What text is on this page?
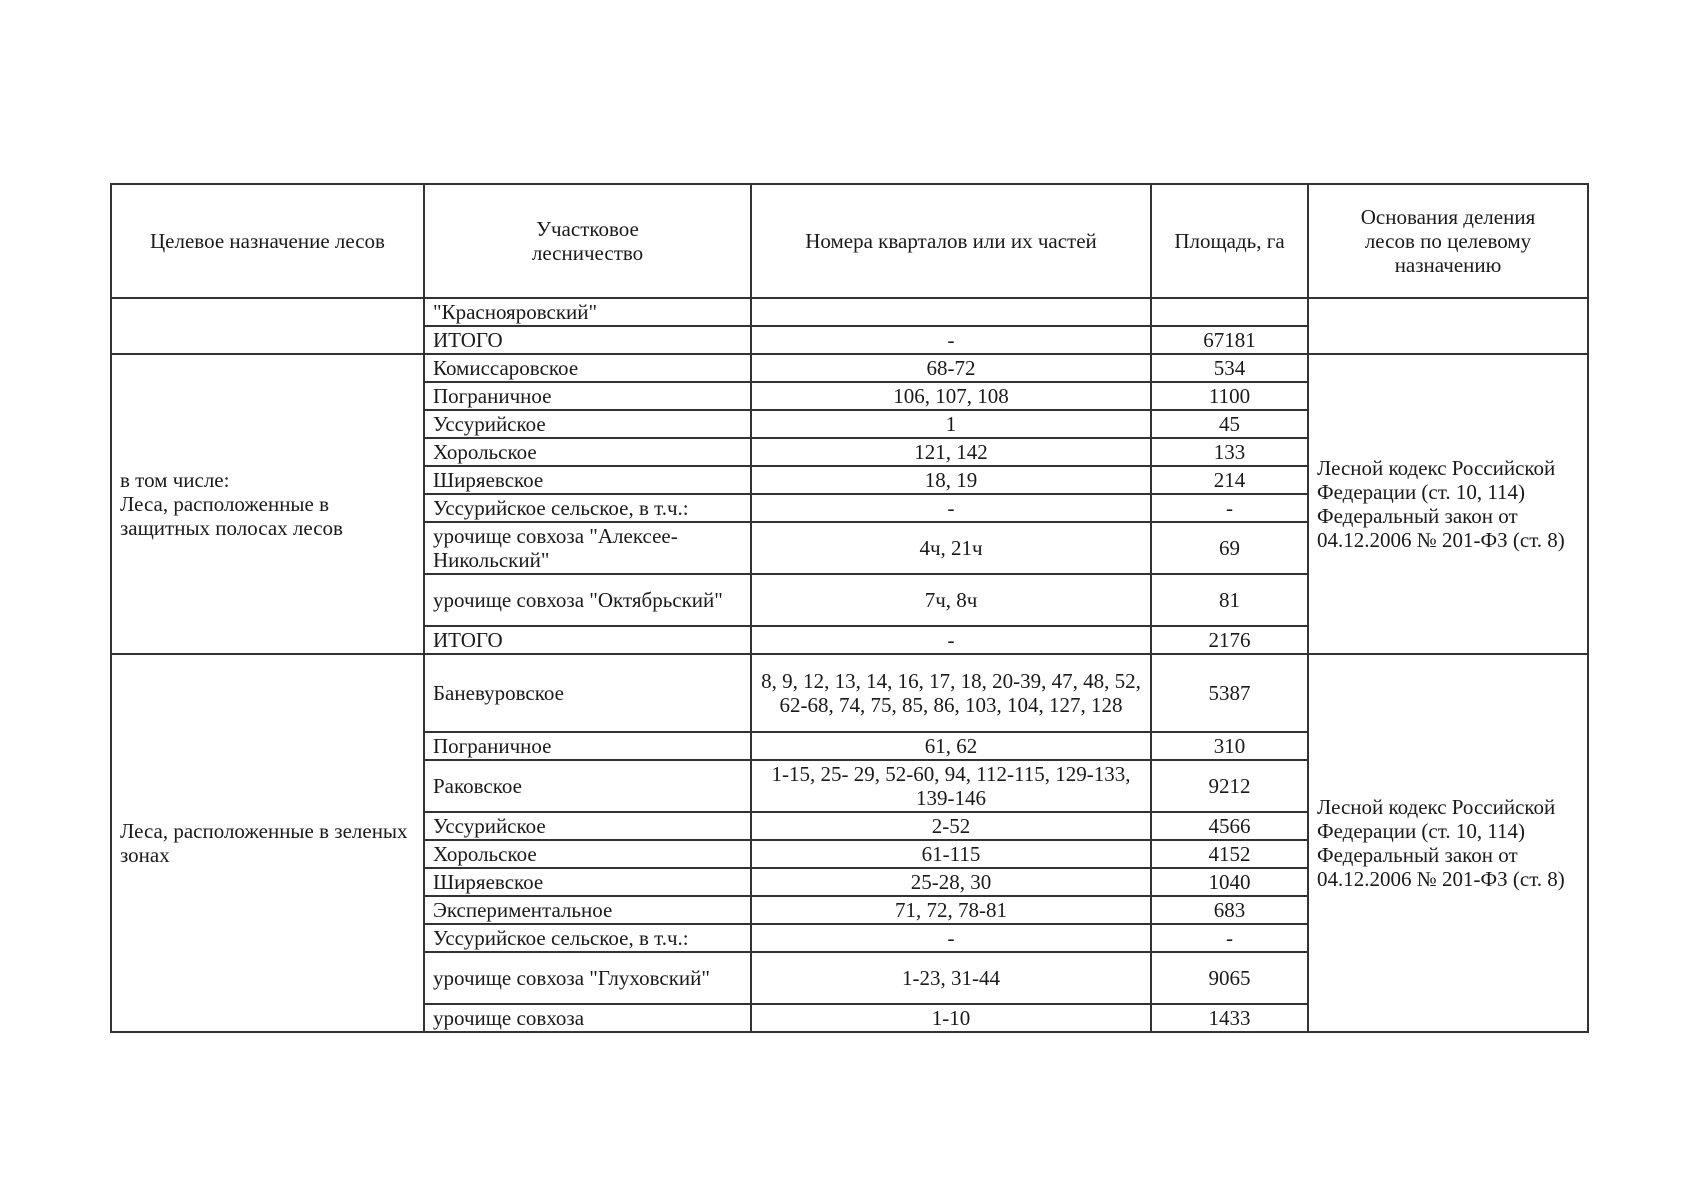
Целевое назначение лесов	Участковое лесничество	Номера кварталов или их частей	Площадь, га	Основания деления лесов по целевому назначению
	"Краснояровский"			
	ИТОГО	-	67181	
в том числе:
Леса, расположенные в защитных полосах лесов	Комиссаровское	68-72	534	Лесной кодекс Российской Федерации (ст. 10, 114)
Федеральный закон от 04.12.2006 № 201-ФЗ (ст. 8)
	Пограничное	106, 107, 108	1100	
	Уссурийское	1	45	
	Хорольское	121, 142	133	
	Ширяевское	18, 19	214	
	Уссурийское сельское, в т.ч.:	-	-	
	урочище совхоза "Алексее-Никольский"	4ч, 21ч	69	
	урочище совхоза "Октябрьский"	7ч, 8ч	81	
	ИТОГО	-	2176	
Леса, расположенные в зеленых зонах	Баневуровское	8, 9, 12, 13, 14, 16, 17, 18, 20-39, 47, 48, 52, 62-68, 74, 75, 85, 86, 103, 104, 127, 128	5387	Лесной кодекс Российской Федерации (ст. 10, 114)
Федеральный закон от 04.12.2006 № 201-ФЗ (ст. 8)
	Пограничное	61, 62	310	
	Раковское	1-15, 25- 29, 52-60, 94, 112-115, 129-133, 139-146	9212	
	Уссурийское	2-52	4566	
	Хорольское	61-115	4152	
	Ширяевское	25-28, 30	1040	
	Экспериментальное	71, 72, 78-81	683	
	Уссурийское сельское, в т.ч.:	-	-	
	урочище совхоза "Глуховский"	1-23, 31-44	9065	
	урочище совхоза	1-10	1433	
